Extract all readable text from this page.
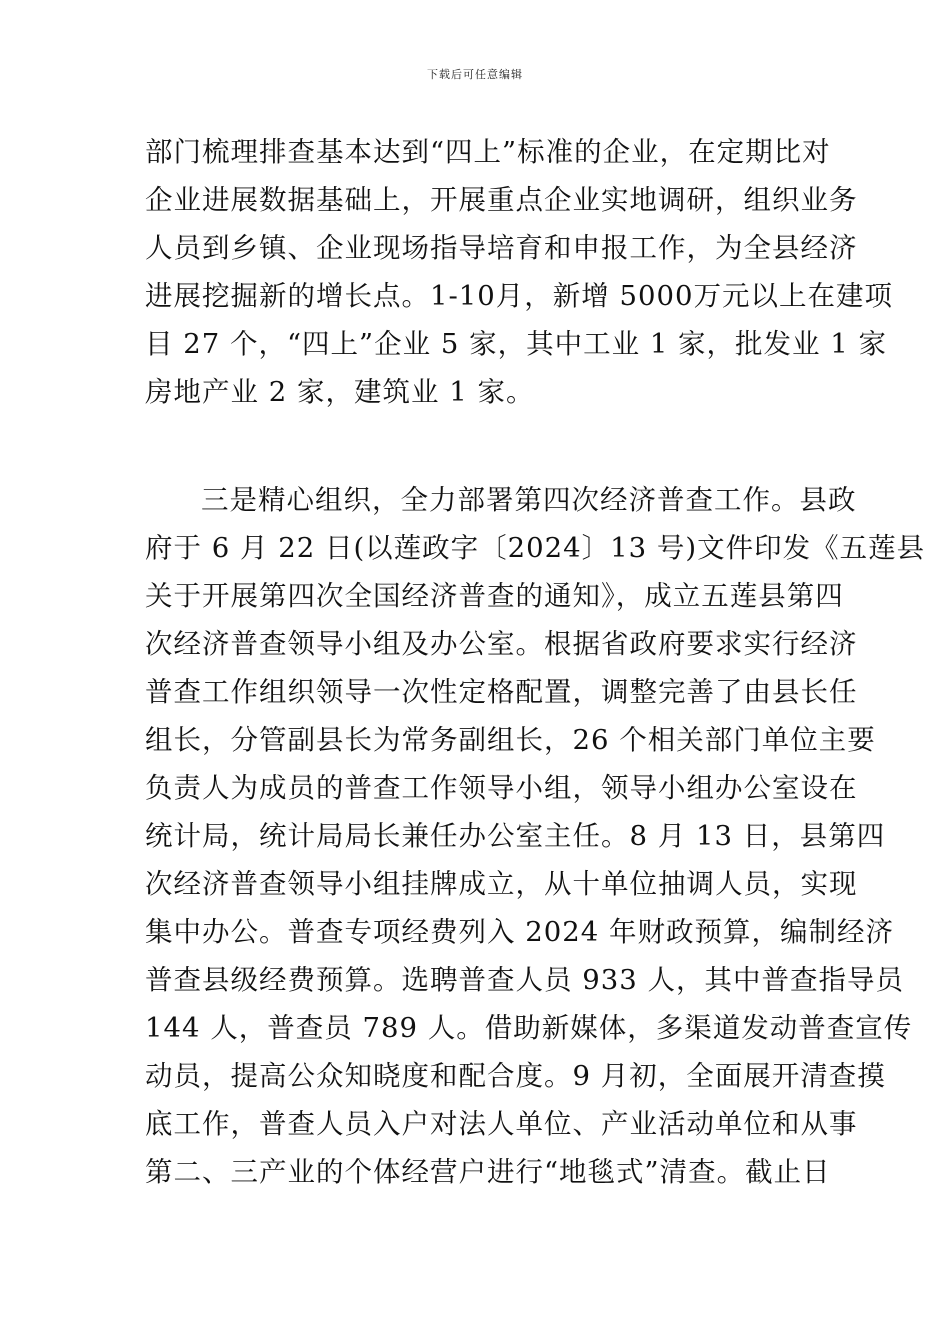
下载后可任意编辑
部门梳理排查基本达到“四上”标准的企业，在定期比对
企业进展数据基础上，开展重点企业实地调研，组织业务
人员到乡镇、企业现场指导培育和申报工作，为全县经济
进展挖掘新的增长点。1-10月，新增 5000万元以上在建项
目 27 个，“四上”企业 5 家，其中工业 1 家，批发业 1 家
房地产业 2 家，建筑业 1 家。
三是精心组织，全力部署第四次经济普查工作。县政
府于 6 月 22 日(以莲政字〔2024〕13 号)文件印发《五莲县
关于开展第四次全国经济普查的通知》，成立五莲县第四
次经济普查领导小组及办公室。根据省政府要求实行经济
普查工作组织领导一次性定格配置，调整完善了由县长任
组长，分管副县长为常务副组长，26 个相关部门单位主要
负责人为成员的普查工作领导小组，领导小组办公室设在
统计局，统计局局长兼任办公室主任。8 月 13 日，县第四
次经济普查领导小组挂牌成立，从十单位抽调人员，实现
集中办公。普查专项经费列入 2024 年财政预算，编制经济
普查县级经费预算。选聘普查人员 933 人，其中普查指导员
144 人，普查员 789 人。借助新媒体，多渠道发动普查宣传
动员，提高公众知晓度和配合度。9 月初，全面展开清查摸
底工作，普查人员入户对法人单位、产业活动单位和从事
第二、三产业的个体经营户进行“地毯式”清查。截止日
